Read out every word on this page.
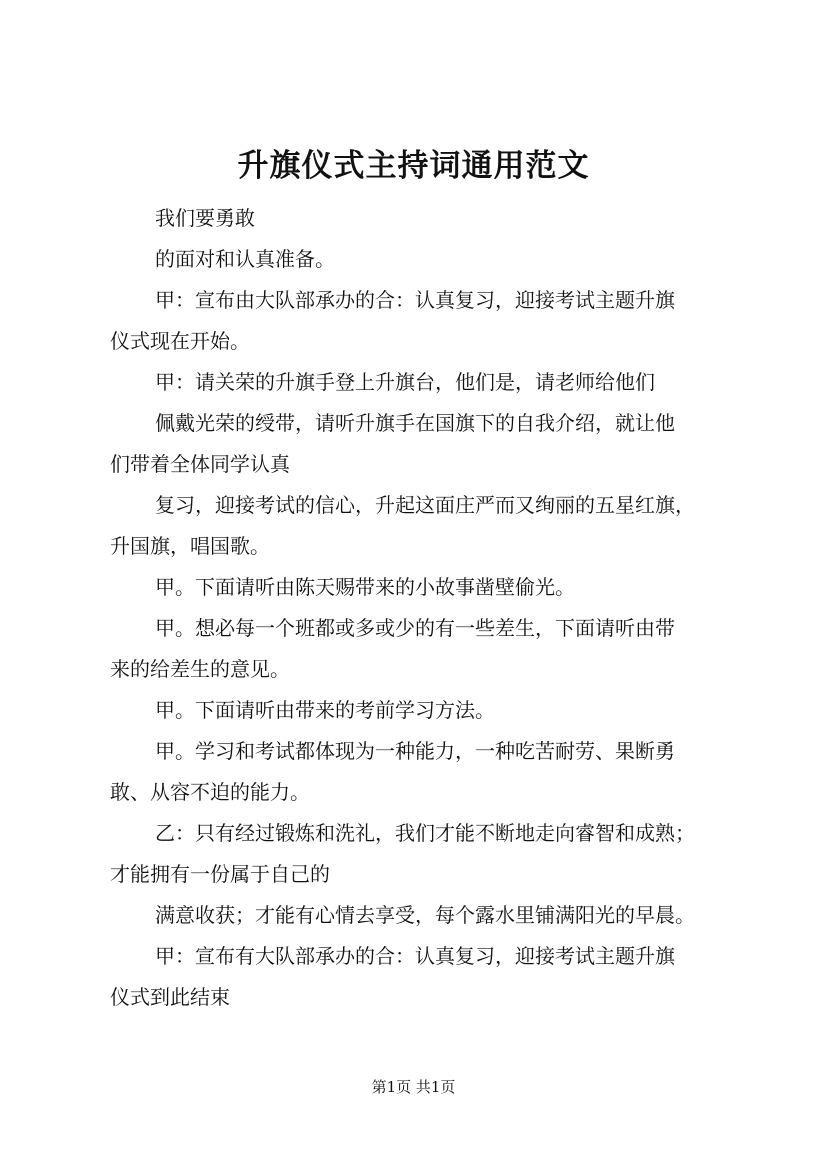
升旗仪式主持词通用范文

我们要勇敢

的面对和认真准备。

甲：宣布由大队部承办的合：认真复习，迎接考试主题升旗

仪式现在开始。

甲：请关荣的升旗手登上升旗台，他们是，请老师给他们

佩戴光荣的绶带，请听升旗手在国旗下的自我介绍，就让他

们带着全体同学认真

复习，迎接考试的信心，升起这面庄严而又绚丽的五星红旗，

升国旗，唱国歌。

甲。下面请听由陈天赐带来的小故事凿壁偷光。

甲。想必每一个班都或多或少的有一些差生，下面请听由带

来的给差生的意见。

甲。下面请听由带来的考前学习方法。

甲。学习和考试都体现为一种能力，一种吃苦耐劳、果断勇

敢、从容不迫的能力。

乙：只有经过锻炼和洗礼，我们才能不断地走向睿智和成熟；

才能拥有一份属于自己的

满意收获；才能有心情去享受，每个露水里铺满阳光的早晨。

甲：宣布有大队部承办的合：认真复习，迎接考试主题升旗

仪式到此结束

第1页 共1页
